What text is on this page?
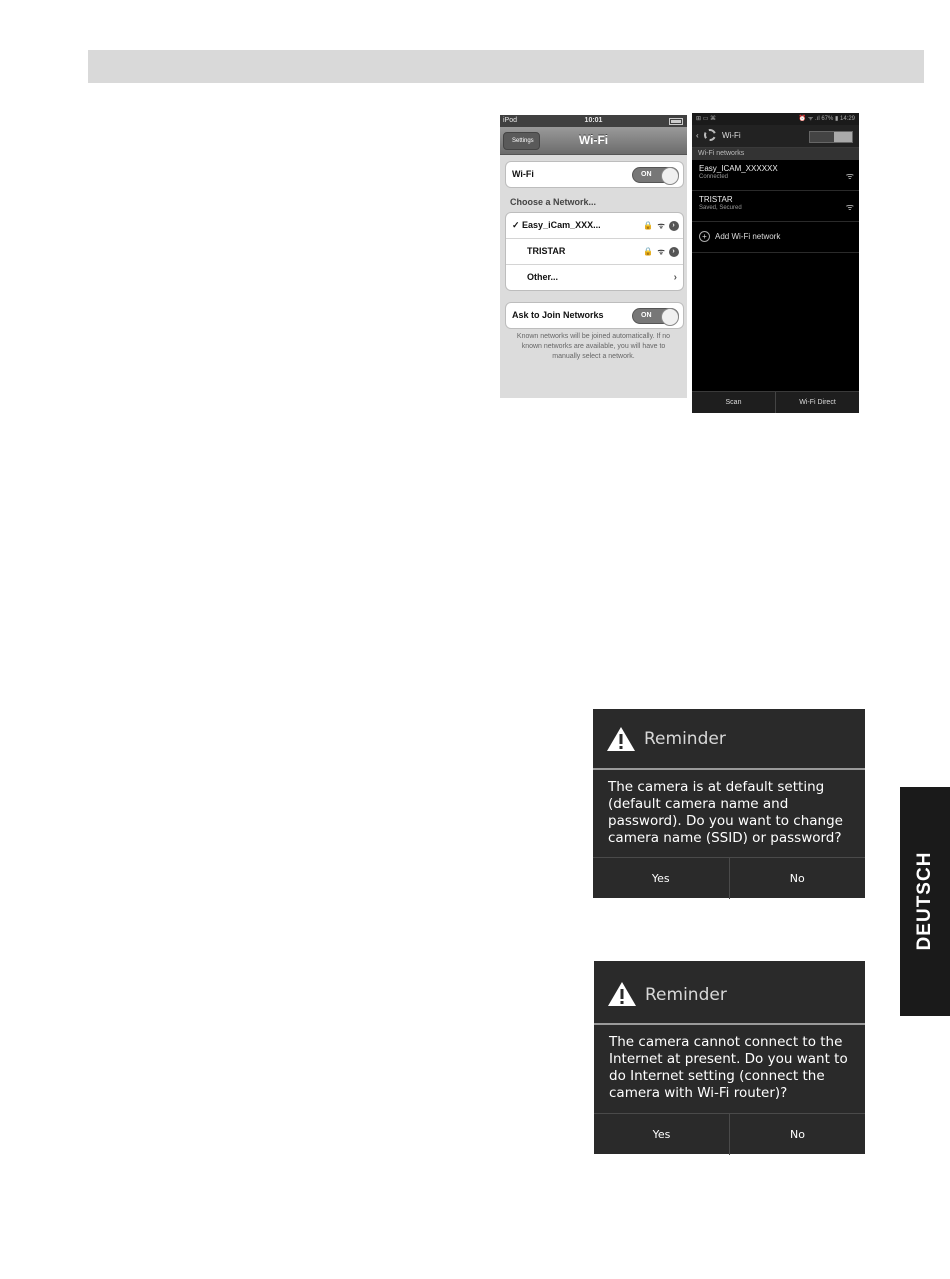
iPod	10:01
Settings	Wi-Fi
Wi-Fi	ON
Choose a Network...
✓ Easy_iCam_XXX...	🔒 ᯤ ›
TRISTAR	🔒 ᯤ ›
Other...	›
Ask to Join Networks	ON
Known networks will be joined automatically. If no known networks are available, you will have to manually select a network.
⊞ ▭ ⌘	⏰ ᯤ .ıl 67% ▮ 14:29
‹	Wi-Fi
Wi-Fi networks
Easy_ICAM_XXXXXX
Connected	ᯤ
TRISTAR
Saved, Secured	ᯤ
+ Add Wi-Fi network
Scan	Wi-Fi Direct
Reminder
The camera is at default setting (default camera name and password). Do you want to change camera name (SSID) or password?
Yes	No
Reminder
The camera cannot connect to the Internet at present. Do you want to do Internet setting (connect the camera with Wi-Fi router)?
Yes	No
DEUTSCH
